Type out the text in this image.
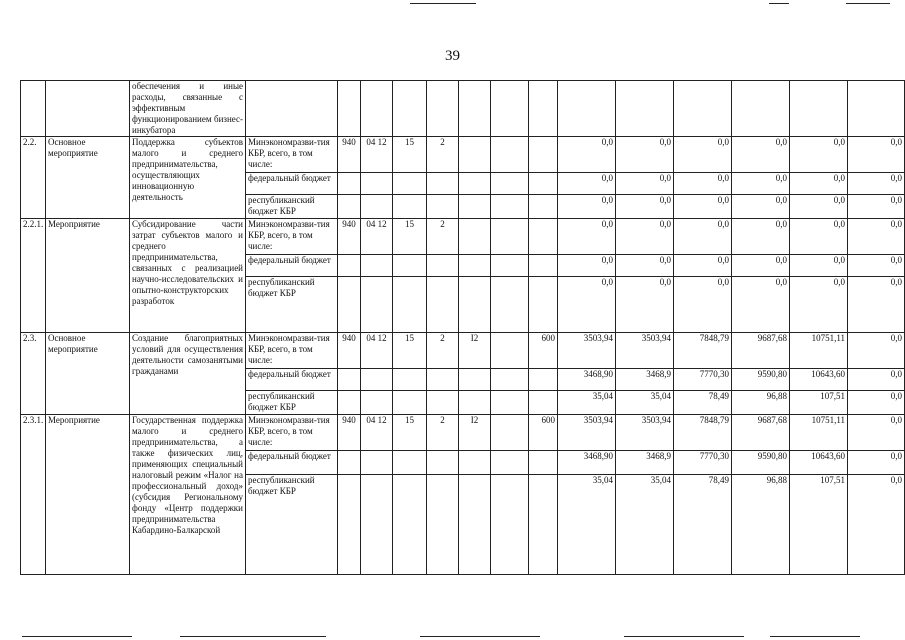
39
		обеспечения и иные расходы, связанные с эффективным функционированием бизнес-инкубатора														
2.2.	Основное мероприятие	Поддержка субъектов малого и среднего предпринимательства, осуществляющих инновационную деятельность	Минэкономразви-тия КБР, всего, в том числе:	940	04 12	15	2				0,0	0,0	0,0	0,0	0,0	0,0
			федеральный бюджет								0,0	0,0	0,0	0,0	0,0	0,0
			республиканский бюджет КБР								0,0	0,0	0,0	0,0	0,0	0,0
2.2.1.	Мероприятие	Субсидирование части затрат субъектов малого и среднего предпринимательства, связанных с реализацией научно-исследовательских и опытно-конструкторских разработок	Минэкономразви-тия КБР, всего, в том числе:	940	04 12	15	2				0,0	0,0	0,0	0,0	0,0	0,0
			федеральный бюджет								0,0	0,0	0,0	0,0	0,0	0,0
			республиканский бюджет КБР								0,0	0,0	0,0	0,0	0,0	0,0
2.3.	Основное мероприятие	Создание благоприятных условий для осуществления деятельности самозанятыми гражданами	Минэкономразви-тия КБР, всего, в том числе:	940	04 12	15	2	I2		600	3503,94	3503,94	7848,79	9687,68	10751,11	0,0
			федеральный бюджет								3468,90	3468,9	7770,30	9590,80	10643,60	0,0
			республиканский бюджет КБР								35,04	35,04	78,49	96,88	107,51	0,0
2.3.1.	Мероприятие	Государственная поддержка малого и среднего предпринимательства, а также физических лиц, применяющих специальный налоговый режим «Налог на профессиональный доход» (субсидия Региональному фонду «Центр поддержки предпринимательства Кабардино-Балкарской	Минэкономразви-тия КБР, всего, в том числе:	940	04 12	15	2	I2		600	3503,94	3503,94	7848,79	9687,68	10751,11	0,0
			федеральный бюджет								3468,90	3468,9	7770,30	9590,80	10643,60	0,0
			республиканский бюджет КБР								35,04	35,04	78,49	96,88	107,51	0,0
